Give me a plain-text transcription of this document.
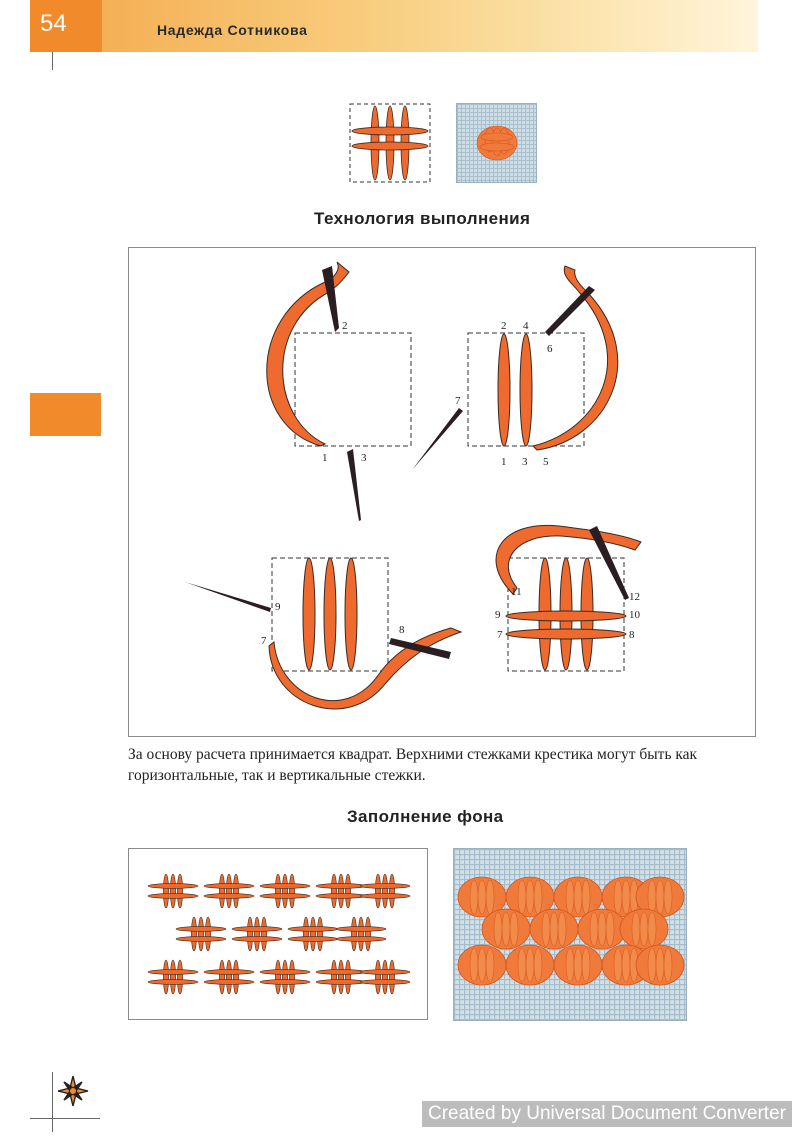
54	Надежда Сотникова
Технология выполнения
2
1	3
2 4
6
7
1 3 5
9
7
8
11	12
9	10
7	8
За основу расчета принимается квадрат. Верхними стежками крестика могут быть как горизонтальные, так и вертикальные стежки.
Заполнение фона
Created by Universal Document Converter
